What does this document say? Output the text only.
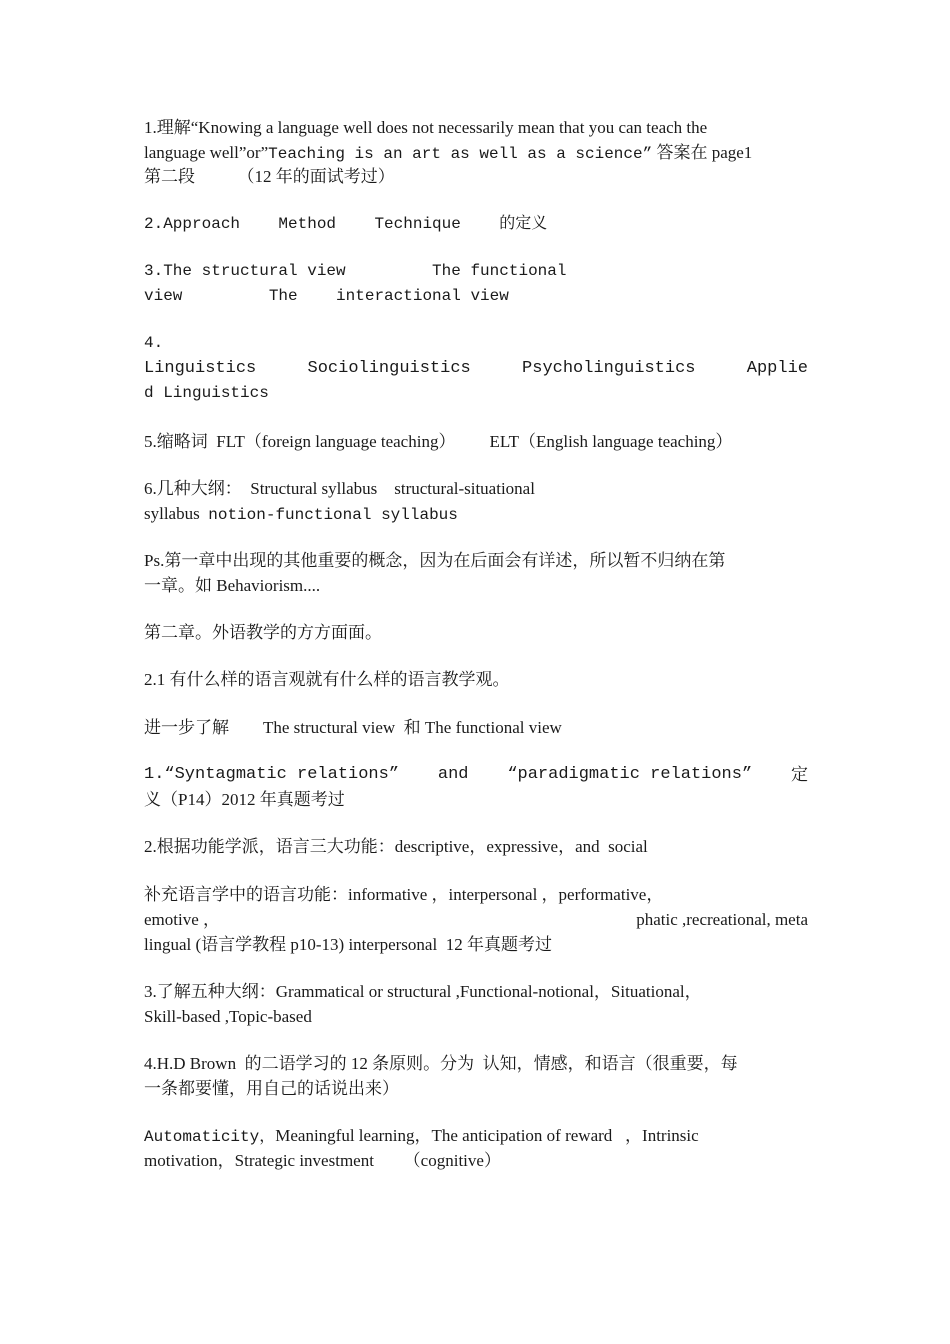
1.理解“Knowing a language well does not necessarily mean that you can teach the
language well”or”Teaching is an art as well as a science” 答案在 page1
第二段          （12 年的面试考过）
2.Approach    Method    Technique    的定义
3.The structural view         The functional
view         The    interactional view
4.
Linguistics	Sociolinguistics	Psycholinguistics	Applie
d Linguistics
5.缩略词  FLT（foreign language teaching）        ELT（English language teaching）
6.几种大纲：  Structural syllabus    structural-situational
syllabus  notion-functional syllabus
Ps.第一章中出现的其他重要的概念，因为在后面会有详述，所以暂不归纳在第
一章。如 Behaviorism....
第二章。外语教学的方方面面。
2.1 有什么样的语言观就有什么样的语言教学观。
进一步了解        The structural view  和 The functional view
1.“Syntagmatic relations” and “paradigmatic relations” 定
义（P14）2012 年真题考过
2.根据功能学派，语言三大功能：descriptive，expressive，and  social
补充语言学中的语言功能：informative ，interpersonal ，performative，
emotive ，	phatic ,recreational, meta
lingual (语言学教程 p10-13) interpersonal  12 年真题考过
3.了解五种大纲：Grammatical or structural ,Functional-notional，Situational，
Skill-based ,Topic-based
4.H.D Brown  的二语学习的 12 条原则。分为  认知，情感，和语言（很重要，每
一条都要懂，用自己的话说出来）
Automaticity，Meaningful learning，The anticipation of reward   ，Intrinsic
motivation，Strategic investment       （cognitive）
